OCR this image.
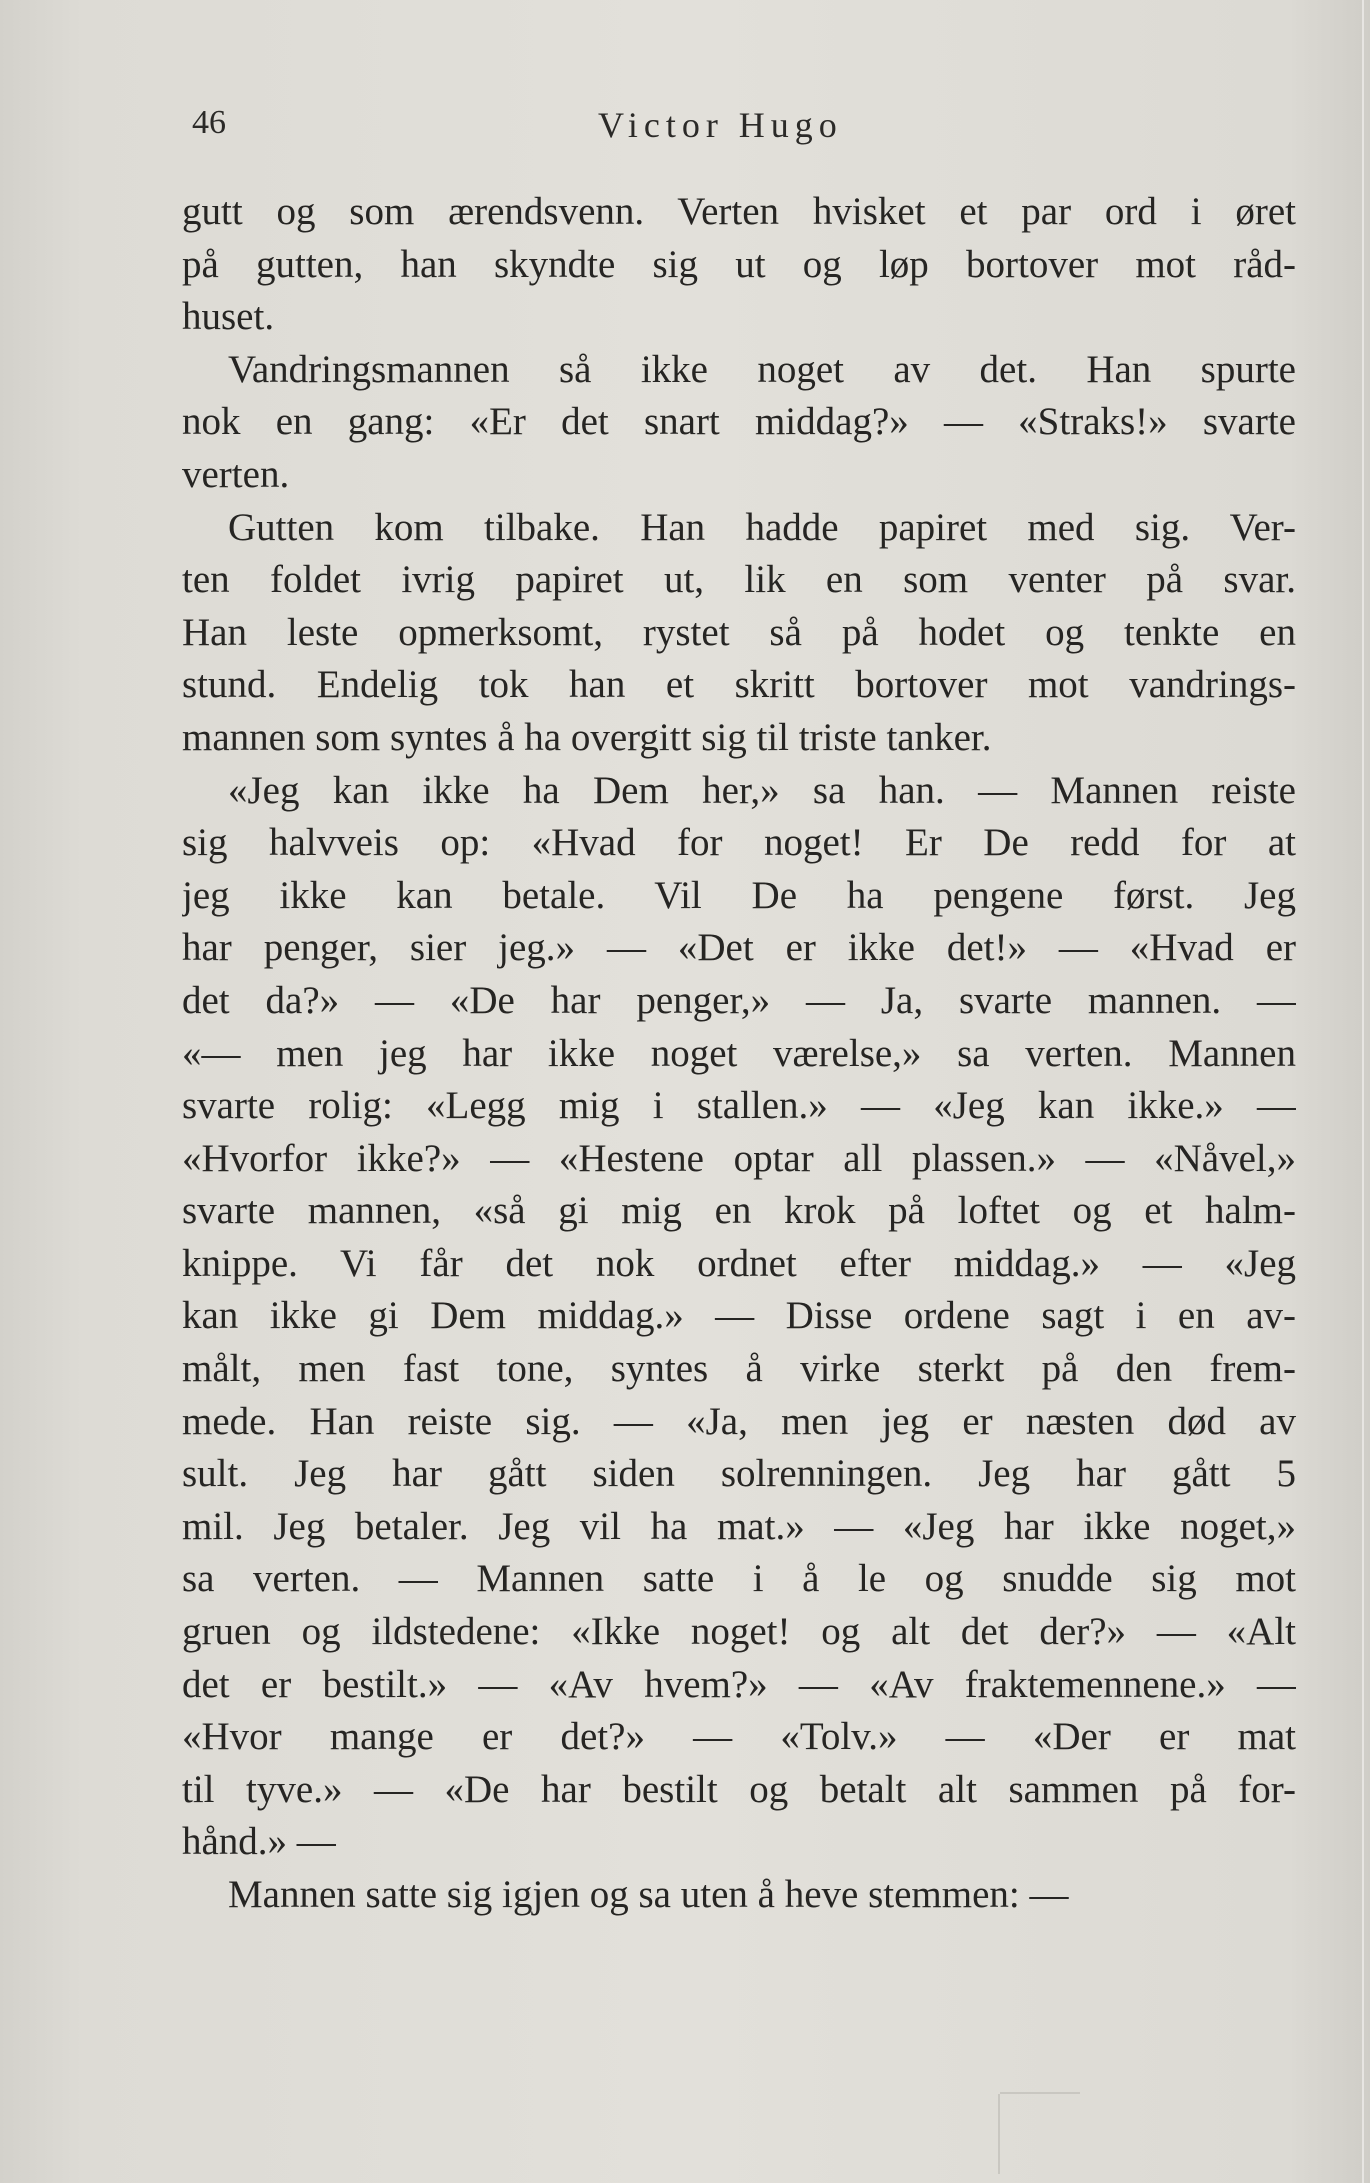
46	Victor Hugo
gutt og som ærendsvenn. Verten hvisket et par ord i øret
på gutten, han skyndte sig ut og løp bortover mot råd-
huset.
Vandringsmannen så ikke noget av det. Han spurte
nok en gang: «Er det snart middag?» — «Straks!» svarte
verten.
Gutten kom tilbake. Han hadde papiret med sig. Ver-
ten foldet ivrig papiret ut, lik en som venter på svar.
Han leste opmerksomt, rystet så på hodet og tenkte en
stund. Endelig tok han et skritt bortover mot vandrings-
mannen som syntes å ha overgitt sig til triste tanker.
«Jeg kan ikke ha Dem her,» sa han. — Mannen reiste
sig halvveis op: «Hvad for noget! Er De redd for at
jeg ikke kan betale. Vil De ha pengene først. Jeg
har penger, sier jeg.» — «Det er ikke det!» — «Hvad er
det da?» — «De har penger,» — Ja, svarte mannen. —
«— men jeg har ikke noget værelse,» sa verten. Mannen
svarte rolig: «Legg mig i stallen.» — «Jeg kan ikke.» —
«Hvorfor ikke?» — «Hestene optar all plassen.» — «Nåvel,»
svarte mannen, «så gi mig en krok på loftet og et halm-
knippe. Vi får det nok ordnet efter middag.» — «Jeg
kan ikke gi Dem middag.» — Disse ordene sagt i en av-
målt, men fast tone, syntes å virke sterkt på den frem-
mede. Han reiste sig. — «Ja, men jeg er næsten død av
sult. Jeg har gått siden solrenningen. Jeg har gått 5
mil. Jeg betaler. Jeg vil ha mat.» — «Jeg har ikke noget,»
sa verten. — Mannen satte i å le og snudde sig mot
gruen og ildstedene: «Ikke noget! og alt det der?» — «Alt
det er bestilt.» — «Av hvem?» — «Av fraktemennene.» —
«Hvor mange er det?» — «Tolv.» — «Der er mat
til tyve.» — «De har bestilt og betalt alt sammen på for-
hånd.» —
Mannen satte sig igjen og sa uten å heve stemmen: —
